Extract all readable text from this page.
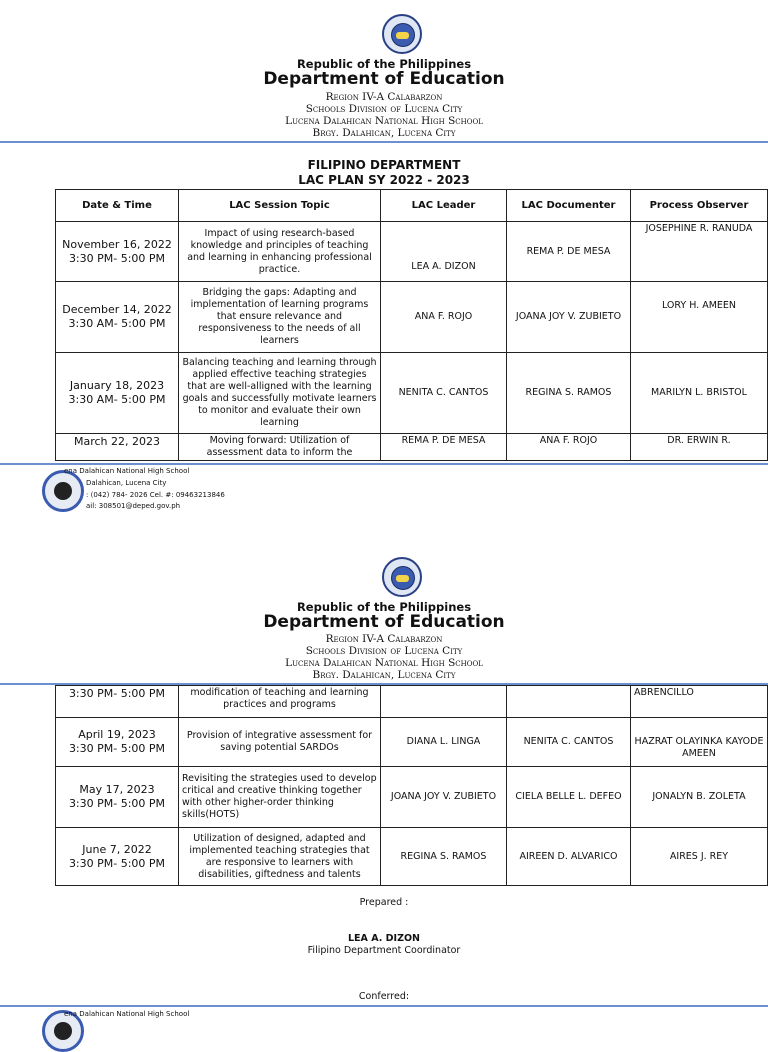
Republic of the Philippines
Department of Education
Region IV-A Calabarzon
Schools Division of Lucena City
Lucena Dalahican National High School
Brgy. Dalahican, Lucena City
FILIPINO DEPARTMENT
LAC PLAN SY 2022 - 2023
Date & Time	LAC Session Topic	LAC Leader	LAC Documenter	Process Observer

November 16, 2022
3:30 PM- 5:00 PM	Impact of using research-based knowledge and principles of teaching and learning in enhancing professional practice.	LEA A. DIZON	REMA P. DE MESA	JOSEPHINE R. RANUDA

December 14, 2022
3:30 AM- 5:00 PM	Bridging the gaps: Adapting and implementation of learning programs that ensure relevance and responsiveness to the needs of all learners	ANA F. ROJO	JOANA JOY V. ZUBIETO	LORY H. AMEEN

January 18, 2023
3:30 AM- 5:00 PM	Balancing teaching and learning through applied effective teaching strategies that are well-alligned with the learning goals and successfully motivate learners to monitor and evaluate their own learning	NENITA C. CANTOS	REGINA S. RAMOS	MARILYN L. BRISTOL

March 22, 2023	Moving forward: Utilization of assessment data to inform the	REMA P. DE MESA	ANA F. ROJO	DR. ERWIN R.
ena Dalahican National High School
Dalahican, Lucena City
: (042) 784- 2026 Cel. #: 09463213846
ail: 308501@deped.gov.ph
Republic of the Philippines
Department of Education
Region IV-A Calabarzon
Schools Division of Lucena City
Lucena Dalahican National High School
Brgy. Dalahican, Lucena City
3:30 PM- 5:00 PM	modification of teaching and learning practices and programs			ABRENCILLO

April 19, 2023
3:30 PM- 5:00 PM	Provision of integrative assessment for saving potential SARDOs	DIANA L. LINGA	NENITA C. CANTOS	HAZRAT OLAYINKA KAYODE AMEEN

May 17, 2023
3:30 PM- 5:00 PM	Revisiting the strategies used to develop critical and creative thinking together with other higher-order thinking skills(HOTS)	JOANA JOY V. ZUBIETO	CIELA BELLE L. DEFEO	JONALYN B. ZOLETA

June 7, 2022
3:30 PM- 5:00 PM	Utilization of designed, adapted and implemented teaching strategies that are responsive to learners with disabilities, giftedness and talents	REGINA S. RAMOS	AIREEN D. ALVARICO	AIRES J. REY
Prepared :
LEA A. DIZON
Filipino Department Coordinator
Conferred:
ena Dalahican National High School
